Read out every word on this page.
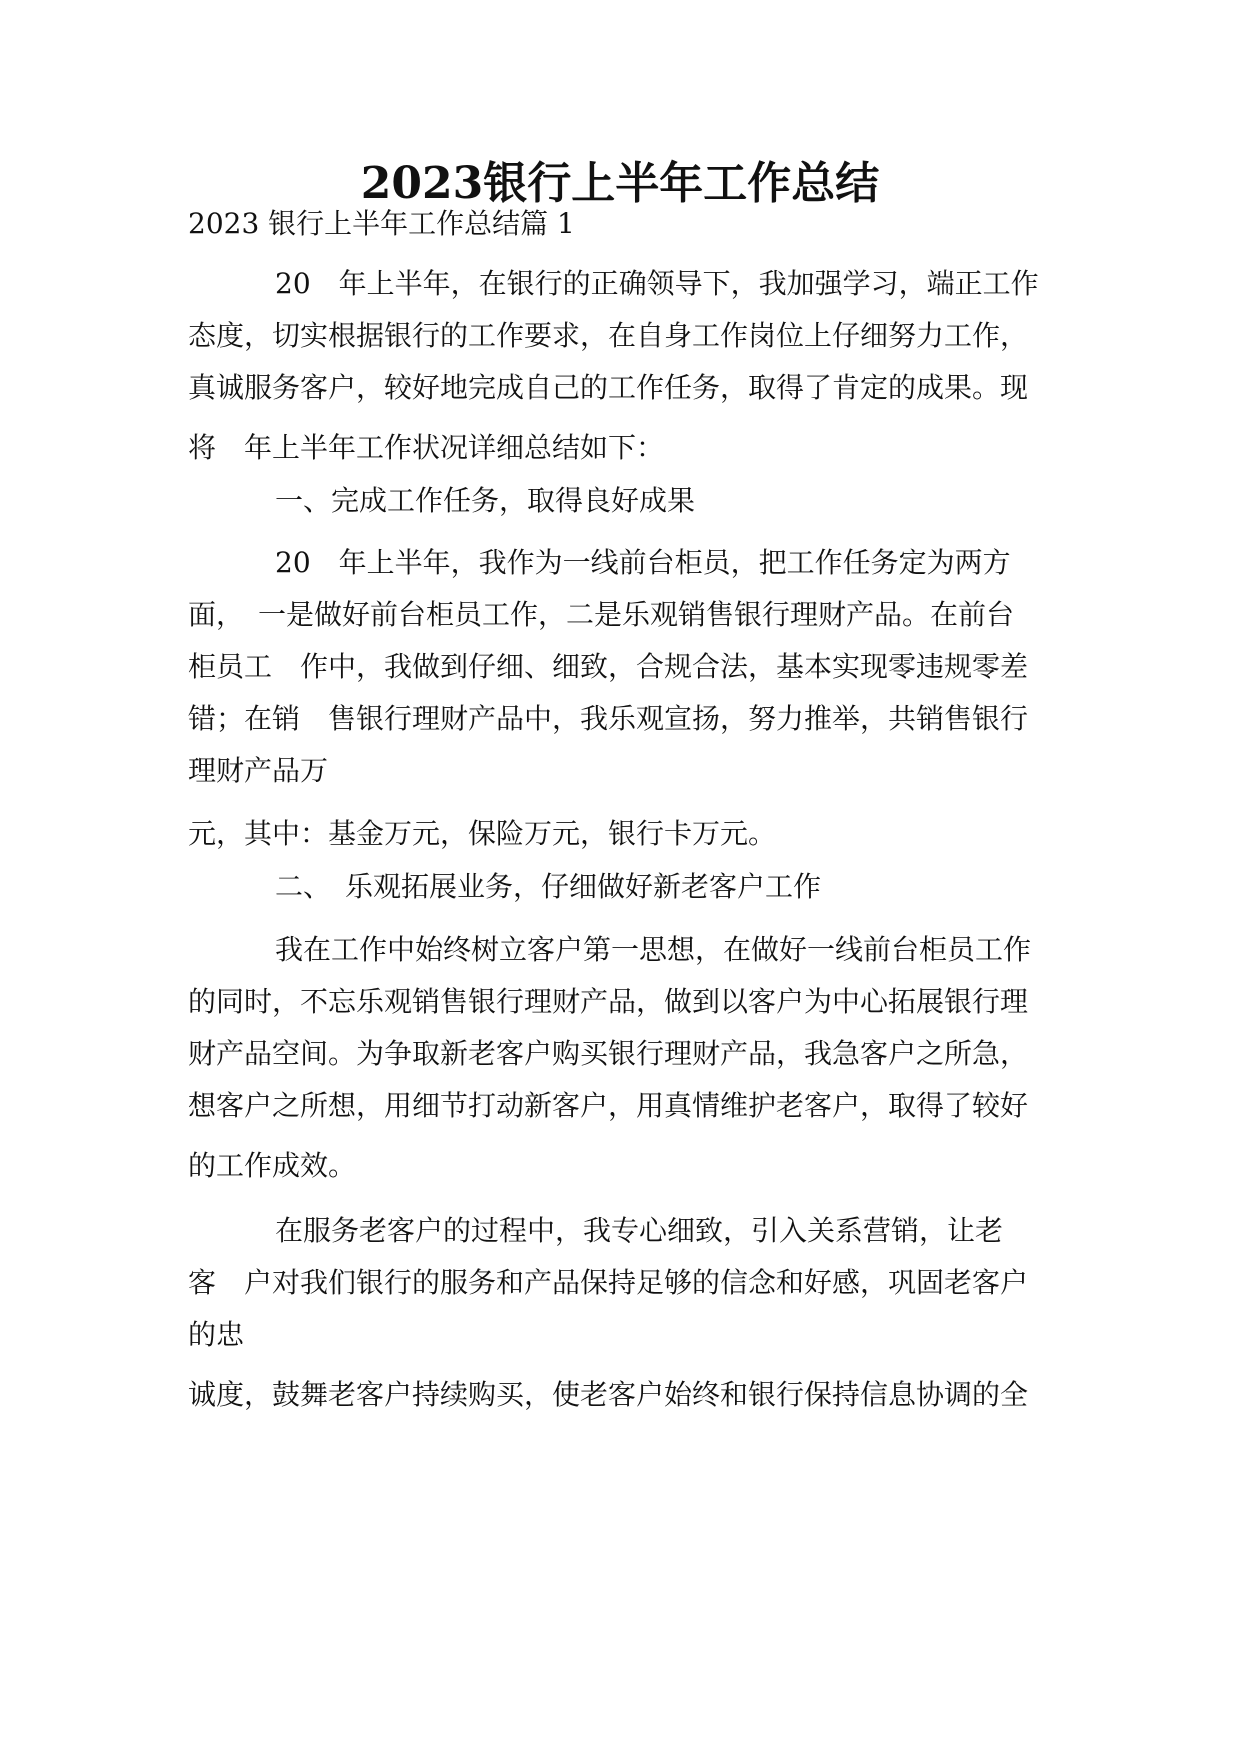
2023银行上半年工作总结
2023 银行上半年工作总结篇 1
20　年上半年，在银行的正确领导下，我加强学习，端正工作
态度，切实根据银行的工作要求，在自身工作岗位上仔细努力工作，
真诚服务客户，较好地完成自己的工作任务，取得了肯定的成果。现
将　年上半年工作状况详细总结如下：
一、完成工作任务，取得良好成果
20　年上半年，我作为一线前台柜员，把工作任务定为两方
面，　一是做好前台柜员工作，二是乐观销售银行理财产品。在前台
柜员工　作中，我做到仔细、细致，合规合法，基本实现零违规零差
错；在销　售银行理财产品中，我乐观宣扬，努力推举，共销售银行
理财产品万
元，其中：基金万元，保险万元，银行卡万元。
二、　乐观拓展业务，仔细做好新老客户工作
我在工作中始终树立客户第一思想，在做好一线前台柜员工作
的同时，不忘乐观销售银行理财产品，做到以客户为中心拓展银行理
财产品空间。为争取新老客户购买银行理财产品，我急客户之所急，
想客户之所想，用细节打动新客户，用真情维护老客户，取得了较好
的工作成效。
在服务老客户的过程中，我专心细致，引入关系营销，让老
客　户对我们银行的服务和产品保持足够的信念和好感，巩固老客户
的忠
诚度，鼓舞老客户持续购买，使老客户始终和银行保持信息协调的全
